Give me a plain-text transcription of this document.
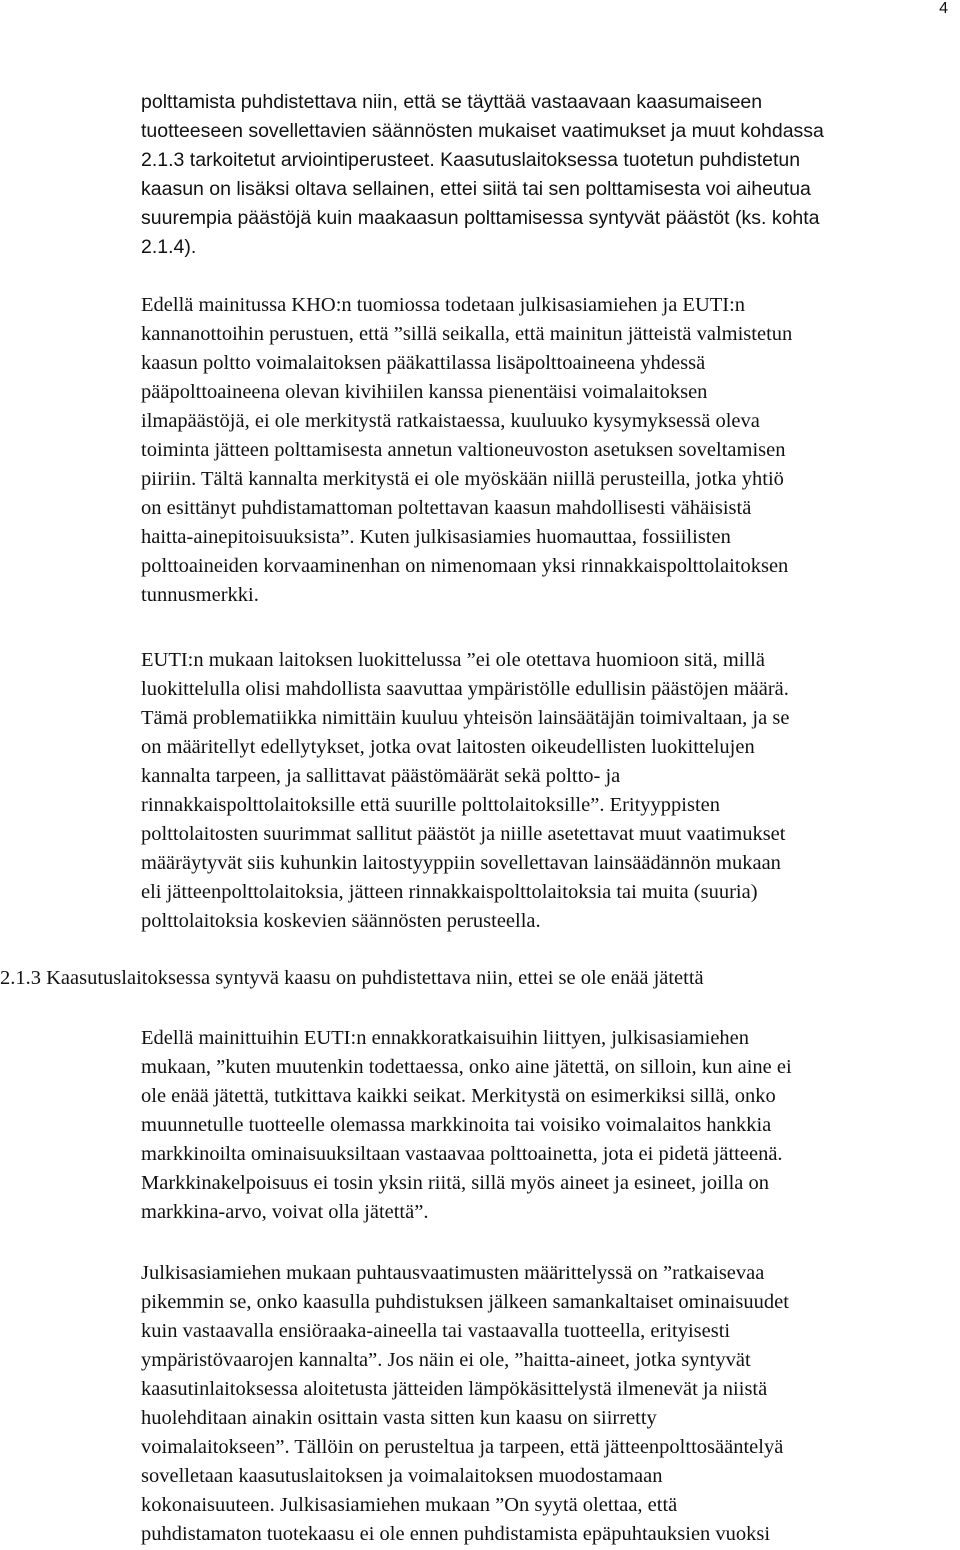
4
polttamista puhdistettava niin, että se täyttää vastaavaan kaasumaiseen
tuotteeseen sovellettavien säännösten mukaiset vaatimukset ja muut kohdassa
2.1.3 tarkoitetut arviointiperusteet. Kaasutuslaitoksessa tuotetun puhdistetun
kaasun on lisäksi oltava sellainen, ettei siitä tai sen polttamisesta voi aiheutua
suurempia päästöjä kuin maakaasun polttamisessa syntyvät päästöt (ks. kohta
2.1.4).
Edellä mainitussa KHO:n tuomiossa todetaan julkisasiamiehen ja EUTI:n
kannanottoihin perustuen, että ”sillä seikalla, että mainitun jätteistä valmistetun
kaasun poltto voimalaitoksen pääkattilassa lisäpolttoaineena yhdessä
pääpolttoaineena olevan kivihiilen kanssa pienentäisi voimalaitoksen
ilmapäästöjä, ei ole merkitystä ratkaistaessa, kuuluuko kysymyksessä oleva
toiminta jätteen polttamisesta annetun valtioneuvoston asetuksen soveltamisen
piiriin. Tältä kannalta merkitystä ei ole myöskään niillä perusteilla, jotka yhtiö
on esittänyt puhdistamattoman poltettavan kaasun mahdollisesti vähäisistä
haitta-ainepitoisuuksista”. Kuten julkisasiamies huomauttaa, fossiilisten
polttoaineiden korvaaminenhan on nimenomaan yksi rinnakkaispolttolaitoksen
tunnusmerkki.
EUTI:n mukaan laitoksen luokittelussa ”ei ole otettava huomioon sitä, millä
luokittelulla olisi mahdollista saavuttaa ympäristölle edullisin päästöjen määrä.
Tämä problematiikka nimittäin kuuluu yhteisön lainsäätäjän toimivaltaan, ja se
on määritellyt edellytykset, jotka ovat laitosten oikeudellisten luokittelujen
kannalta tarpeen, ja sallittavat päästömäärät sekä poltto- ja
rinnakkaispolttolaitoksille että suurille polttolaitoksille”. Erityyppisten
polttolaitosten suurimmat sallitut päästöt ja niille asetettavat muut vaatimukset
määräytyvät siis kuhunkin laitostyyppiin sovellettavan lainsäädännön mukaan
eli jätteenpolttolaitoksia, jätteen rinnakkaispolttolaitoksia tai muita (suuria)
polttolaitoksia koskevien säännösten perusteella.
2.1.3 Kaasutuslaitoksessa syntyvä kaasu on puhdistettava niin, ettei se ole enää jätettä
Edellä mainittuihin EUTI:n ennakkoratkaisuihin liittyen, julkisasiamiehen
mukaan, ”kuten muutenkin todettaessa, onko aine jätettä, on silloin, kun aine ei
ole enää jätettä, tutkittava kaikki seikat. Merkitystä on esimerkiksi sillä, onko
muunnetulle tuotteelle olemassa markkinoita tai voisiko voimalaitos hankkia
markkinoilta ominaisuuksiltaan vastaavaa polttoainetta, jota ei pidetä jätteenä.
Markkinakelpoisuus ei tosin yksin riitä, sillä myös aineet ja esineet, joilla on
markkina-arvo, voivat olla jätettä”.
Julkisasiamiehen mukaan puhtausvaatimusten määrittelyssä on ”ratkaisevaa
pikemmin se, onko kaasulla puhdistuksen jälkeen samankaltaiset ominaisuudet
kuin vastaavalla ensiöraaka-aineella tai vastaavalla tuotteella, erityisesti
ympäristövaarojen kannalta”. Jos näin ei ole, ”haitta-aineet, jotka syntyvät
kaasutinlaitoksessa aloitetusta jätteiden lämpökäsittelystä ilmenevät ja niistä
huolehditaan ainakin osittain vasta sitten kun kaasu on siirretty
voimalaitokseen”. Tällöin on perusteltua ja tarpeen, että jätteenpolttosääntelyä
sovelletaan kaasutuslaitoksen ja voimalaitoksen muodostamaan
kokonaisuuteen. Julkisasiamiehen mukaan ”On syytä olettaa, että
puhdistamaton tuotekaasu ei ole ennen puhdistamista epäpuhtauksien vuoksi
